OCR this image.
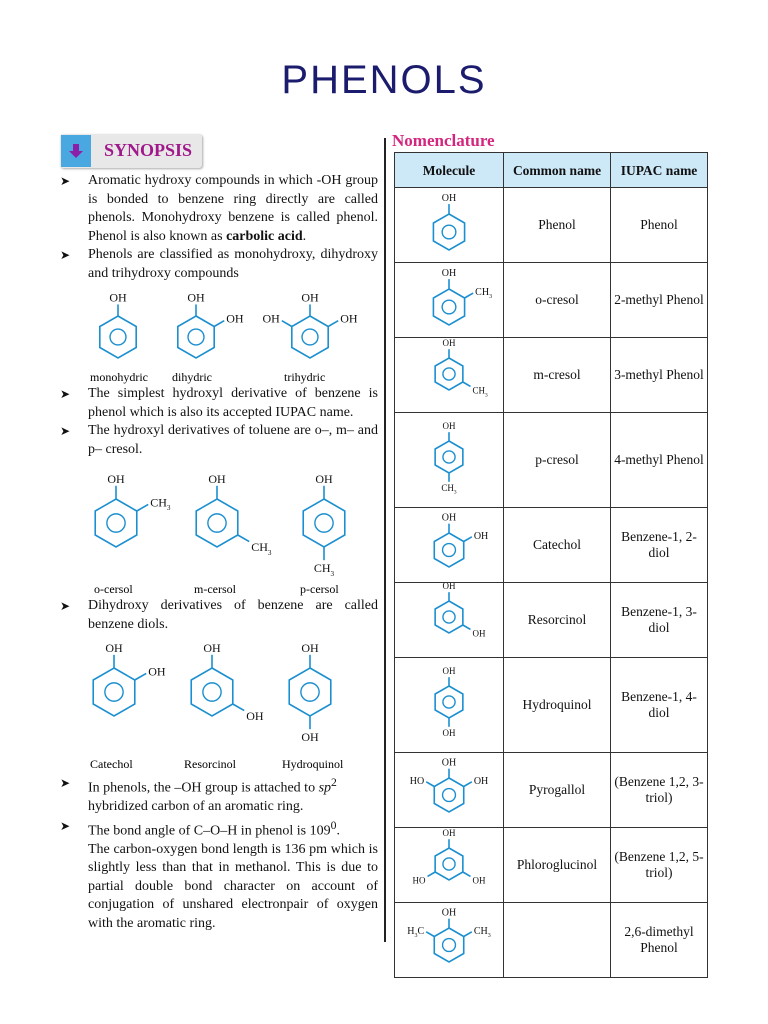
PHENOLS
SYNOPSIS

➤ Aromatic hydroxy compounds in which -OH group is bonded to benzene ring directly are called phenols. Monohydroxy benzene is called phenol. Phenol is also known as carbolic acid.

➤ Phenols are classified as monohydroxy, dihydroxy and trihydroxy compounds

OH	OH
OH
OH
OH
OH
monohydric dihydric	trihydric

➤ The simplest hydroxyl derivative of benzene is phenol which is also its accepted IUPAC name.

➤ The hydroxyl derivatives of toluene are o–, m– and p– cresol.

OH
$CH_3$
OH
$CH_3$
OH
$CH_3$
o-cersol	m-cersol	p-cersol

➤ Dihydroxy derivatives of benzene are called benzene diols.

OH
OH
OH
OH
OH
OH
Catechol	Resorcinol	Hydroquinol

➤ In phenols, the –OH group is attached to $sp^2$
hybridized carbon of an aromatic ring.

➤ The bond angle of C–O–H in phenol is $109^0$.

The carbon-oxygen bond length is 136 pm which is slightly less than that in methanol. This is due to partial double bond character on account of conjugation of unshared electronpair of oxygen with the aromatic ring.

Nomenclature
Molecule	Common name	IUPAC name

OH	Phenol	Phenol

OH
$CH_3$	o-cresol	2-methyl Phenol

OH
$CH_3$	m-cresol	3-methyl Phenol

OH
$CH_3$	p-cresol	4-methyl Phenol

OH
OH	Catechol	Benzene-1, 2-diol

OH
OH	Resorcinol	Benzene-1, 3-diol

OH
OH	Hydroquinol	Benzene-1, 4-diol

OH
OH
HO	Pyrogallol	(Benzene 1,2, 3-triol)

OH
OH
HO	Phloroglucinol	(Benzene 1,2, 5-triol)

OH
$CH_3$
$H_3C$		2,6-dimethyl Phenol
